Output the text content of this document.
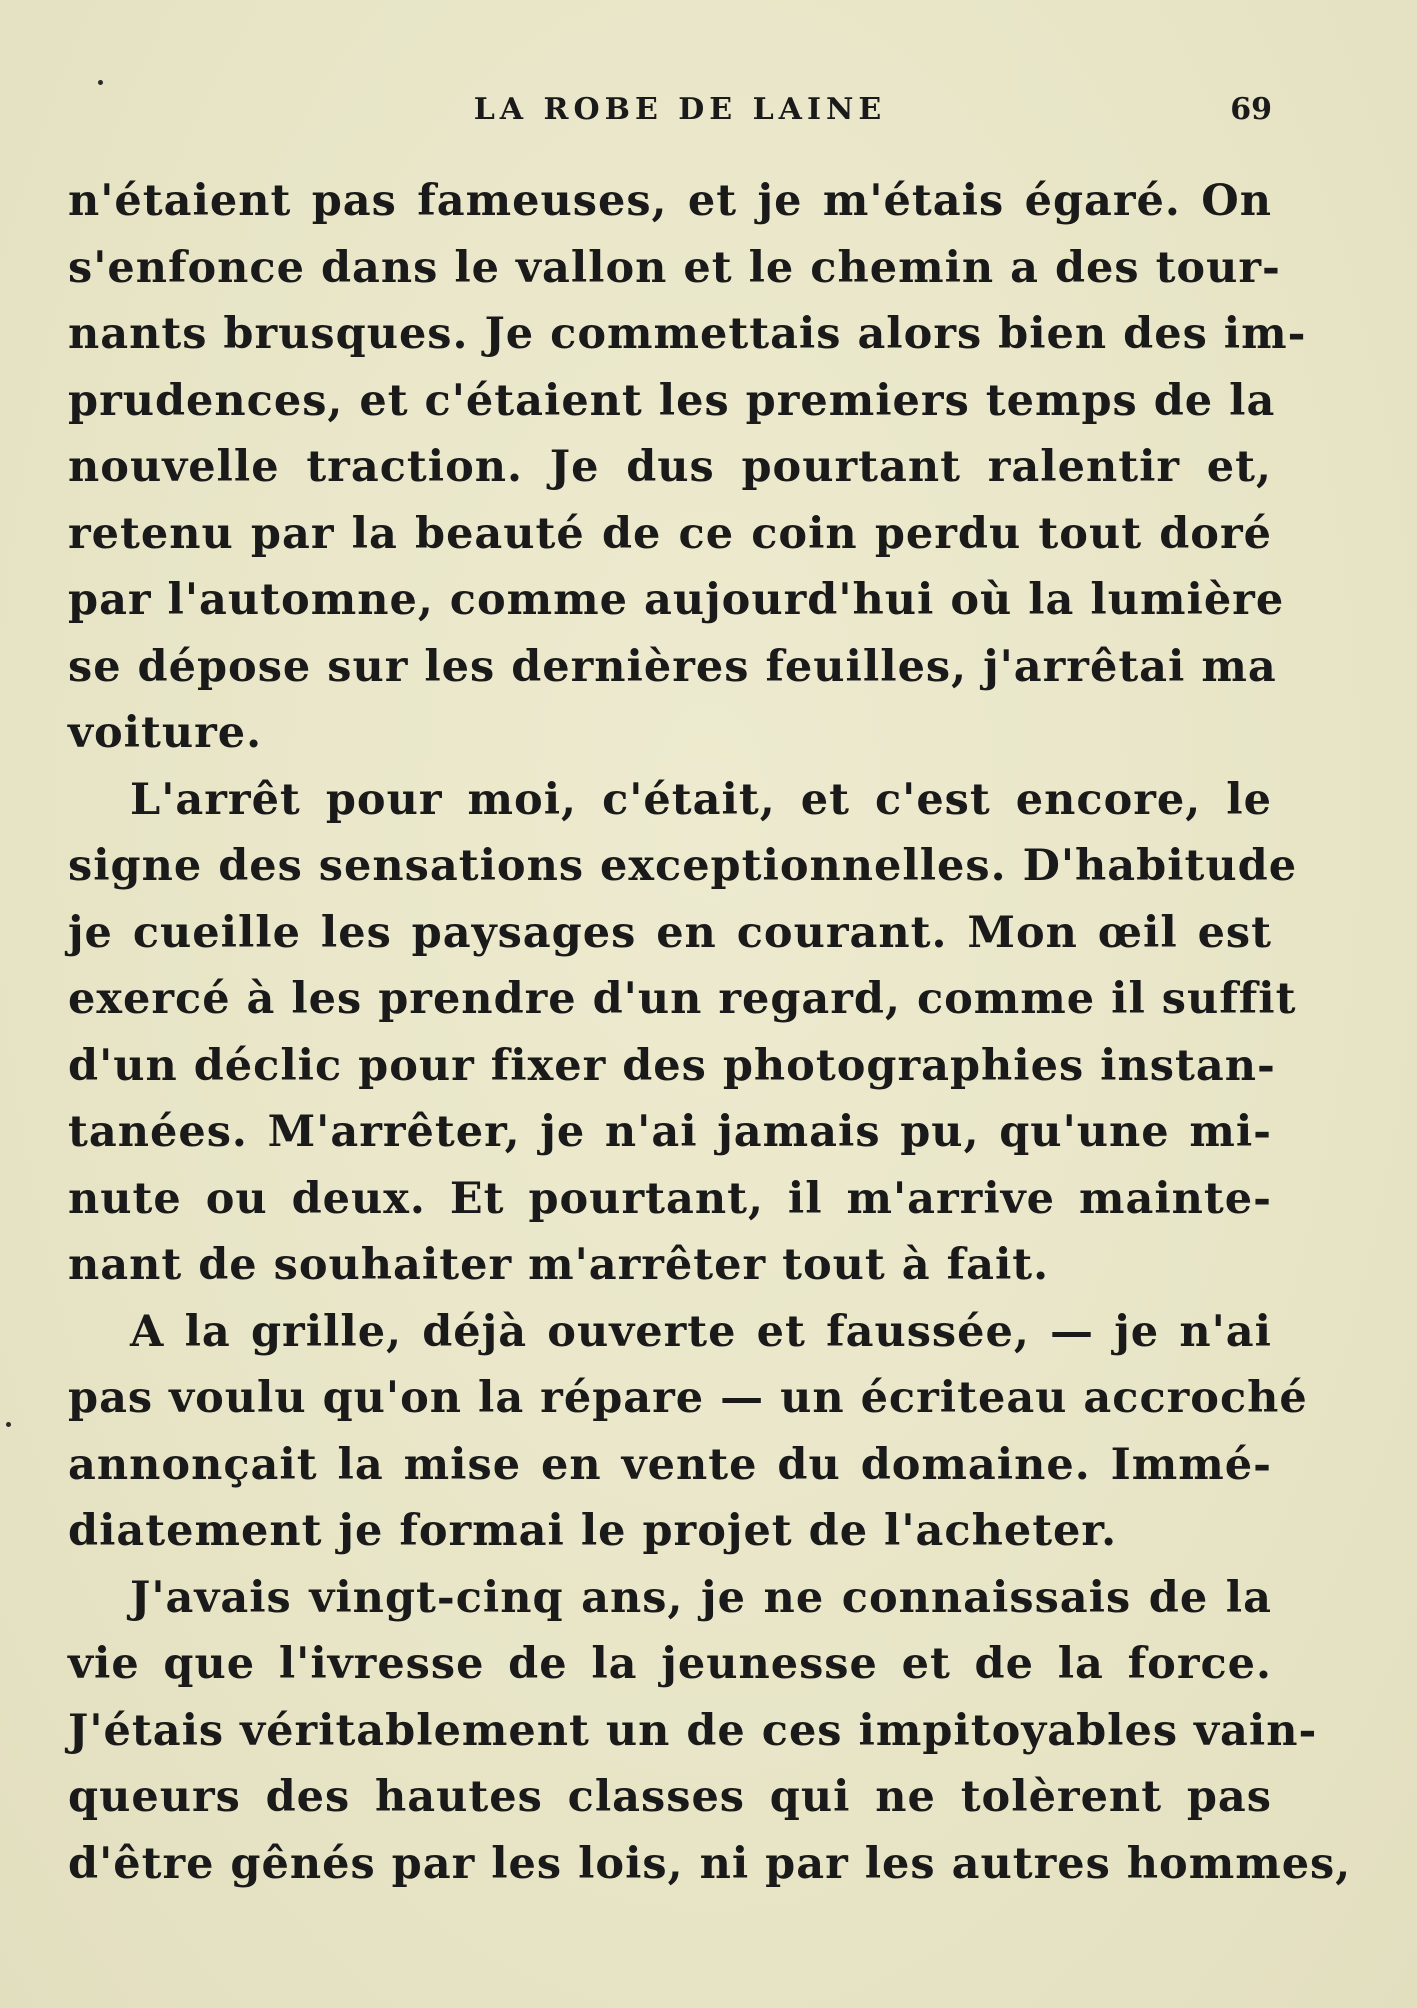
LA ROBE DE LAINE	69
n'étaient pas fameuses, et je m'étais égaré. On
s'enfonce dans le vallon et le chemin a des tour-
nants brusques. Je commettais alors bien des im-
prudences, et c'étaient les premiers temps de la
nouvelle traction. Je dus pourtant ralentir et,
retenu par la beauté de ce coin perdu tout doré
par l'automne, comme aujourd'hui où la lumière
se dépose sur les dernières feuilles, j'arrêtai ma
voiture.
L'arrêt pour moi, c'était, et c'est encore, le
signe des sensations exceptionnelles. D'habitude
je cueille les paysages en courant. Mon œil est
exercé à les prendre d'un regard, comme il suffit
d'un déclic pour fixer des photographies instan-
tanées. M'arrêter, je n'ai jamais pu, qu'une mi-
nute ou deux. Et pourtant, il m'arrive mainte-
nant de souhaiter m'arrêter tout à fait.
A la grille, déjà ouverte et faussée, — je n'ai
pas voulu qu'on la répare — un écriteau accroché
annonçait la mise en vente du domaine. Immé-
diatement je formai le projet de l'acheter.
J'avais vingt-cinq ans, je ne connaissais de la
vie que l'ivresse de la jeunesse et de la force.
J'étais véritablement un de ces impitoyables vain-
queurs des hautes classes qui ne tolèrent pas
d'être gênés par les lois, ni par les autres hommes,
